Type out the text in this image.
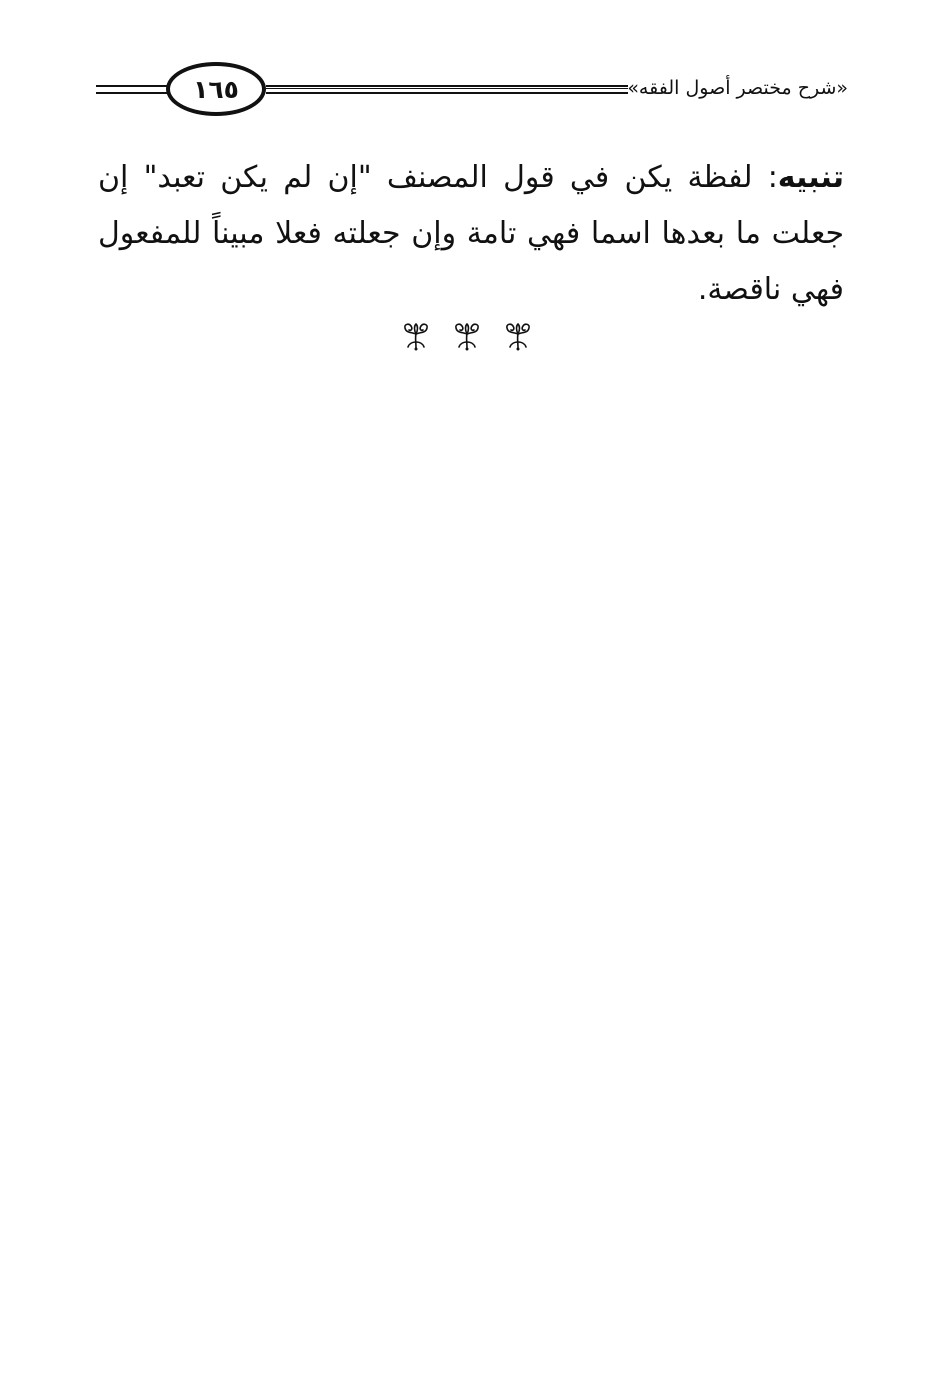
١٦٥	«شرح مختصر أصول الفقه»
تنبيه: لفظة يكن في قول المصنف "إن لم يكن تعبد" إن جعلت ما بعدها اسما فهي تامة وإن جعلته فعلا مبيناً للمفعول فهي ناقصة.
